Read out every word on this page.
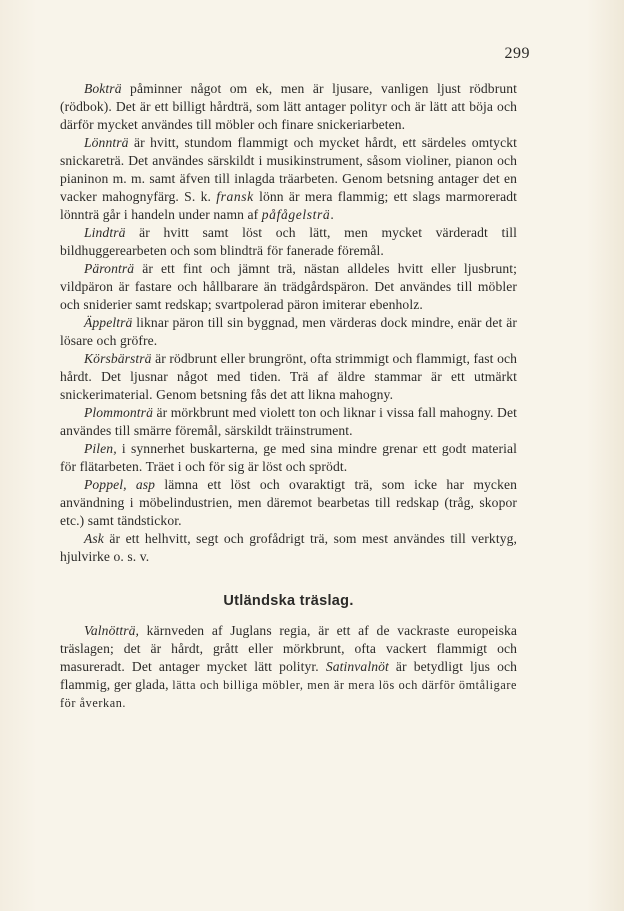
299

Bokträ påminner något om ek, men är ljusare, vanligen ljust rödbrunt (rödbok). Det är ett billigt hårdträ, som lätt antager polityr och är lätt att böja och därför mycket användes till möbler och finare snickeriarbeten.

Lönnträ är hvitt, stundom flammigt och mycket hårdt, ett särdeles omtyckt snickareträ. Det användes särskildt i musikinstrument, såsom violiner, pianon och pianinon m. m. samt äfven till inlagda träarbeten. Genom betsning antager det en vacker mahognyfärg. S. k. fransk lönn är mera flammig; ett slags marmoreradt lönnträ går i handeln under namn af påfågelsträ.

Lindträ är hvitt samt löst och lätt, men mycket värderadt till bildhuggerearbeten och som blindträ för fanerade föremål.

Päronträ är ett fint och jämnt trä, nästan alldeles hvitt eller ljusbrunt; vildpäron är fastare och hållbarare än trädgårdspäron. Det användes till möbler och sniderier samt redskap; svartpolerad päron imiterar ebenholz.

Äppelträ liknar päron till sin byggnad, men värderas dock mindre, enär det är lösare och gröfre.

Körsbärsträ är rödbrunt eller brungrönt, ofta strimmigt och flammigt, fast och hårdt. Det ljusnar något med tiden. Trä af äldre stammar är ett utmärkt snickerimaterial. Genom betsning fås det att likna mahogny.

Plommonträ är mörkbrunt med violett ton och liknar i vissa fall mahogny. Det användes till smärre föremål, särskildt träinstrument.

Pilen, i synnerhet buskarterna, ge med sina mindre grenar ett godt material för flätarbeten. Träet i och för sig är löst och sprödt.

Poppel, asp lämna ett löst och ovaraktigt trä, som icke har mycken användning i möbelindustrien, men däremot bearbetas till redskap (tråg, skopor etc.) samt tändstickor.

Ask är ett helhvitt, segt och grofådrigt trä, som mest användes till verktyg, hjulvirke o. s. v.

Utländska träslag.

Valnötträ, kärnveden af Juglans regia, är ett af de vackraste europeiska träslagen; det är hårdt, grått eller mörkbrunt, ofta vackert flammigt och masureradt. Det antager mycket lätt polityr. Satinvalnöt är betydligt ljus och flammig, ger glada, lätta och billiga möbler, men är mera lös och därför ömtåligare för åverkan.
